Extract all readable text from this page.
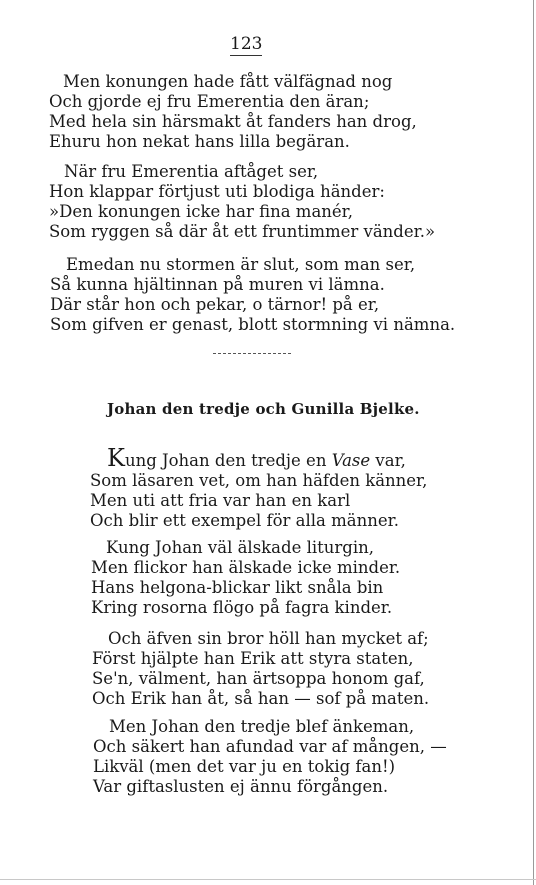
123
Men konungen hade fått välfägnad nog
Och gjorde ej fru Emerentia den äran;
Med hela sin härsmakt åt fanders han drog,
Ehuru hon nekat hans lilla begäran.
När fru Emerentia aftåget ser,
Hon klappar förtjust uti blodiga händer:
»Den konungen icke har fina manér,
Som ryggen så där åt ett fruntimmer vänder.»
Emedan nu stormen är slut, som man ser,
Så kunna hjältinnan på muren vi lämna.
Där står hon och pekar, o tärnor! på er,
Som gifven er genast, blott stormning vi nämna.
Johan den tredje och Gunilla Bjelke.
Kung Johan den tredje en Vase var,
Som läsaren vet, om han häfden känner,
Men uti att fria var han en karl
Och blir ett exempel för alla männer.
Kung Johan väl älskade liturgin,
Men flickor han älskade icke minder.
Hans helgona-blickar likt snåla bin
Kring rosorna flögo på fagra kinder.
Och äfven sin bror höll han mycket af;
Först hjälpte han Erik att styra staten,
Se'n, välment, han ärtsoppa honom gaf,
Och Erik han åt, så han — sof på maten.
Men Johan den tredje blef änkeman,
Och säkert han afundad var af mången, —
Likväl (men det var ju en tokig fan!)
Var giftaslusten ej ännu förgången.
